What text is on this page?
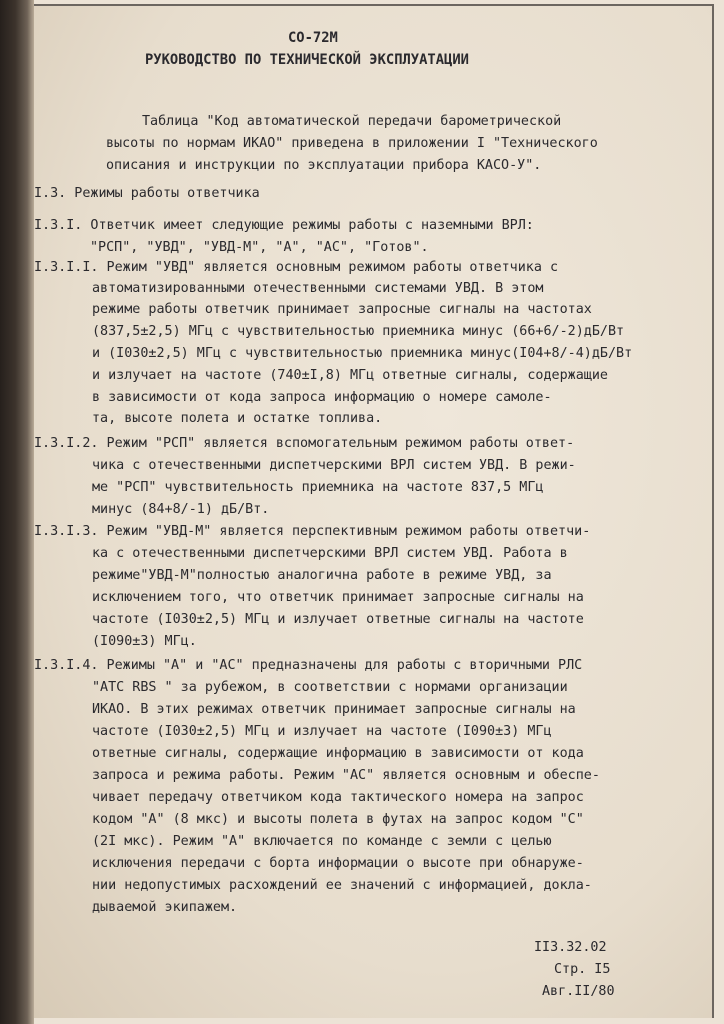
СО-72М
РУКОВОДСТВО ПО ТЕХНИЧЕСКОЙ ЭКСПЛУАТАЦИИ
Таблица "Код автоматической передачи барометрической
высоты по нормам ИКАО" приведена в приложении I "Технического
описания и инструкции по эксплуатации прибора КАСО-У".
I.3. Режимы работы ответчика
I.3.I. Ответчик имеет следующие режимы работы с наземными ВРЛ:
"РСП", "УВД", "УВД-М", "А", "АС", "Готов".
I.3.I.I. Режим "УВД" является основным режимом работы ответчика с
автоматизированными отечественными системами УВД. В этом
режиме работы ответчик принимает запросные сигналы на частотах
(837,5±2,5) МГц с чувствительностью приемника минус (66+6/-2)дБ/Вт
и (I030±2,5) МГц с чувствительностью приемника минус(I04+8/-4)дБ/Вт
и излучает на частоте (740±I,8) МГц ответные сигналы, содержащие
в зависимости от кода запроса информацию о номере самоле-
та, высоте полета и остатке топлива.
I.3.I.2. Режим "РСП" является вспомогательным режимом работы ответ-
чика с отечественными диспетчерскими ВРЛ систем УВД. В режи-
ме "РСП" чувствительность приемника на частоте 837,5 МГц
минус (84+8/-1) дБ/Вт.
I.3.I.3. Режим "УВД-М" является перспективным режимом работы ответчи-
ка с отечественными диспетчерскими ВРЛ систем УВД. Работа в
режиме"УВД-М"полностью аналогична работе в режиме УВД, за
исключением того, что ответчик принимает запросные сигналы на
частоте (I030±2,5) МГц и излучает ответные сигналы на частоте
(I090±3) МГц.
I.3.I.4. Режимы "А" и "АС" предназначены для работы с вторичными РЛС
"АТС RBS " за рубежом, в соответствии с нормами организации
ИКАО. В этих режимах ответчик принимает запросные сигналы на
частоте (I030±2,5) МГц и излучает на частоте (I090±3) МГц
ответные сигналы, содержащие информацию в зависимости от кода
запроса и режима работы. Режим "АС" является основным и обеспе-
чивает передачу ответчиком кода тактического номера на запрос
кодом "А" (8 мкс) и высоты полета в футах на запрос кодом "С"
(2I мкс). Режим "А" включается по команде с земли с целью
исключения передачи с борта информации о высоте при обнаруже-
нии недопустимых расхождений ее значений с информацией, докла-
дываемой экипажем.
II3.32.02
Стр. I5
Авг.II/80
